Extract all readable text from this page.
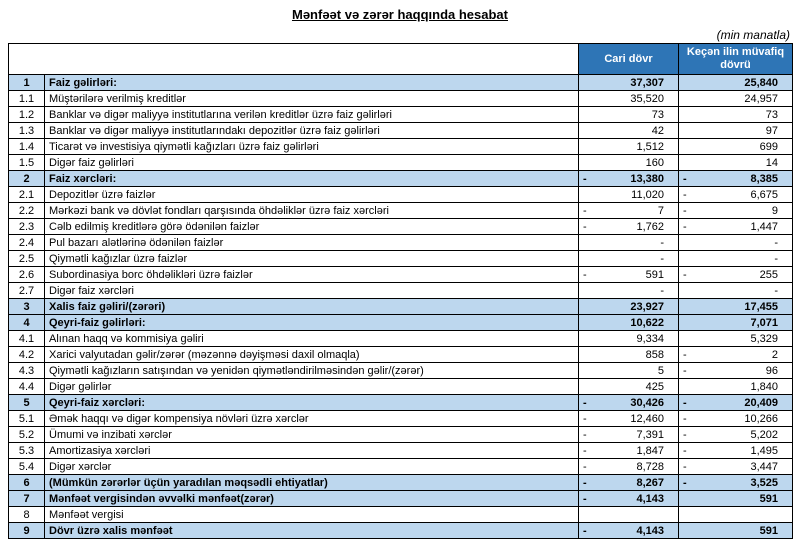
Mənfəət və zərər haqqında hesabat
(min manatla)
		Cari dövr	Keçən ilin müvafiq dövrü
1	Faiz gəlirləri:	37,307	25,840

1.1	Müştərilərə verilmiş kreditlər	35,520	24,957

1.2	Banklar və digər maliyyə institutlarına verilən kreditlər üzrə faiz gəlirləri	73	73

1.3	Banklar və digər maliyyə institutlarındakı depozitlər üzrə faiz gəlirləri	42	97

1.4	Ticarət və investisiya qiymətli kağızları üzrə faiz gəlirləri	1,512	699

1.5	Digər faiz gəlirləri	160	14

2	Faiz xərcləri:	- 13,380	- 8,385

2.1	Depozitlər üzrə faizlər	11,020	- 6,675

2.2	Mərkəzi bank və dövlət fondları qarşısında öhdəliklər üzrə faiz xərcləri	- 7	- 9

2.3	Cəlb edilmiş kreditlərə görə ödənilən faizlər	- 1,762	- 1,447

2.4	Pul bazarı alətlərinə ödənilən faizlər	-	-

2.5	Qiymətli kağızlar üzrə faizlər	-	-

2.6	Subordinasiya borc öhdəlikləri üzrə faizlər	- 591	- 255

2.7	Digər faiz xərcləri	-	-

3	Xalis faiz gəliri/(zərəri)	23,927	17,455

4	Qeyri-faiz gəlirləri:	10,622	7,071

4.1	Alınan haqq və kommisiya gəliri	9,334	5,329

4.2	Xarici valyutadan gəlir/zərər (məzənnə dəyişməsi daxil olmaqla)	858	- 2

4.3	Qiymətli kağızların satışından və yenidən qiymətləndirilməsindən gəlir/(zərər)	5	- 96

4.4	Digər gəlirlər	425	1,840

5	Qeyri-faiz xərcləri:	- 30,426	- 20,409

5.1	Əmək haqqı və digər kompensiya növləri üzrə xərclər	- 12,460	- 10,266

5.2	Ümumi və inzibati xərclər	- 7,391	- 5,202

5.3	Amortizasiya xərcləri	- 1,847	- 1,495

5.4	Digər xərclər	- 8,728	- 3,447

6	(Mümkün zərərlər üçün yaradılan məqsədli ehtiyatlar)	- 8,267	- 3,525

7	Mənfəət vergisindən əvvəlki mənfəət(zərər)	- 4,143	591

8	Mənfəət vergisi	

9	Dövr üzrə xalis mənfəət	- 4,143	591
